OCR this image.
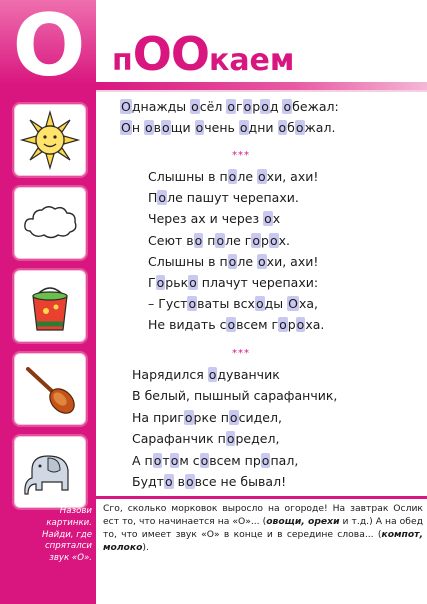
О п ОО каем
Назови
картинки.
Найди, где
спряталси
звук «О».
Однажды осёл огород обежал:
Он овощи очень одни обожал.
***
Слышны в поле охи, ахи!
Поле пашут черепахи.
Через ах и через ох
Сеют во поле горох.
Слышны в поле охи, ахи!
Горько плачут черепахи:
– Густоваты всходы Оха,
Не видать совсем гороха.
***
Нарядился одуванчик
В белый, пышный сарафанчик,
На пригорке посидел,
Сарафанчик поредел,
А потом совсем пропал,
Будто вовсе не бывал!
Сго, сколько морковок выросло на огороде! На завтрак Ослик ест то, что начинается на «О»... (овощи, орехи и т.д.) А на обед то, что имеет звук «О» в конце и в середине слова... (компот, молоко).
